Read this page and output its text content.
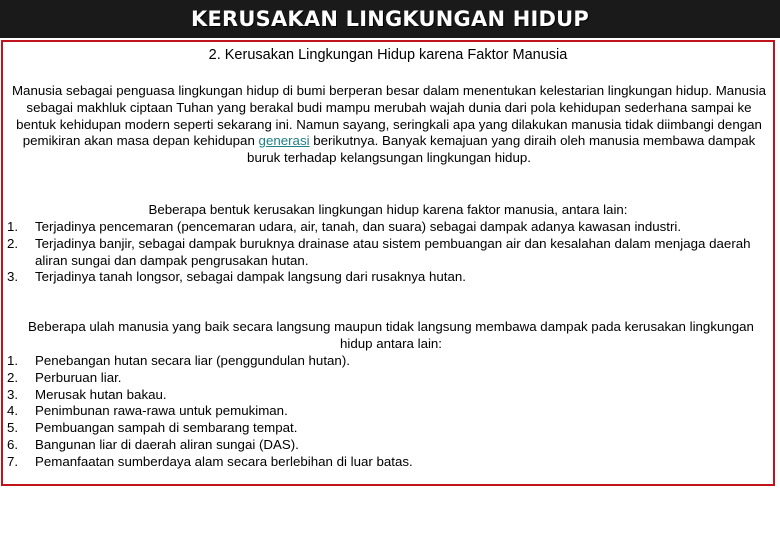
KERUSAKAN LINGKUNGAN HIDUP
2. Kerusakan Lingkungan Hidup karena Faktor Manusia

Manusia sebagai penguasa lingkungan hidup di bumi berperan besar dalam menentukan kelestarian lingkungan hidup. Manusia sebagai makhluk ciptaan Tuhan yang berakal budi mampu merubah wajah dunia dari pola kehidupan sederhana sampai ke bentuk kehidupan modern seperti sekarang ini. Namun sayang, seringkali apa yang dilakukan manusia tidak diimbangi dengan pemikiran akan masa depan kehidupan generasi berikutnya. Banyak kemajuan yang diraih oleh manusia membawa dampak buruk terhadap kelangsungan lingkungan hidup.

Beberapa bentuk kerusakan lingkungan hidup karena faktor manusia, antara lain:
1. Terjadinya pencemaran (pencemaran udara, air, tanah, dan suara) sebagai dampak adanya kawasan industri.
2. Terjadinya banjir, sebagai dampak buruknya drainase atau sistem pembuangan air dan kesalahan dalam menjaga daerah aliran sungai dan dampak pengrusakan hutan.
3. Terjadinya tanah longsor, sebagai dampak langsung dari rusaknya hutan.
Beberapa ulah manusia yang baik secara langsung maupun tidak langsung membawa dampak pada kerusakan lingkungan hidup antara lain:
1. Penebangan hutan secara liar (penggundulan hutan).
2. Perburuan liar.
3. Merusak hutan bakau.
4. Penimbunan rawa-rawa untuk pemukiman.
5. Pembuangan sampah di sembarang tempat.
6. Bangunan liar di daerah aliran sungai (DAS).
7. Pemanfaatan sumberdaya alam secara berlebihan di luar batas.
